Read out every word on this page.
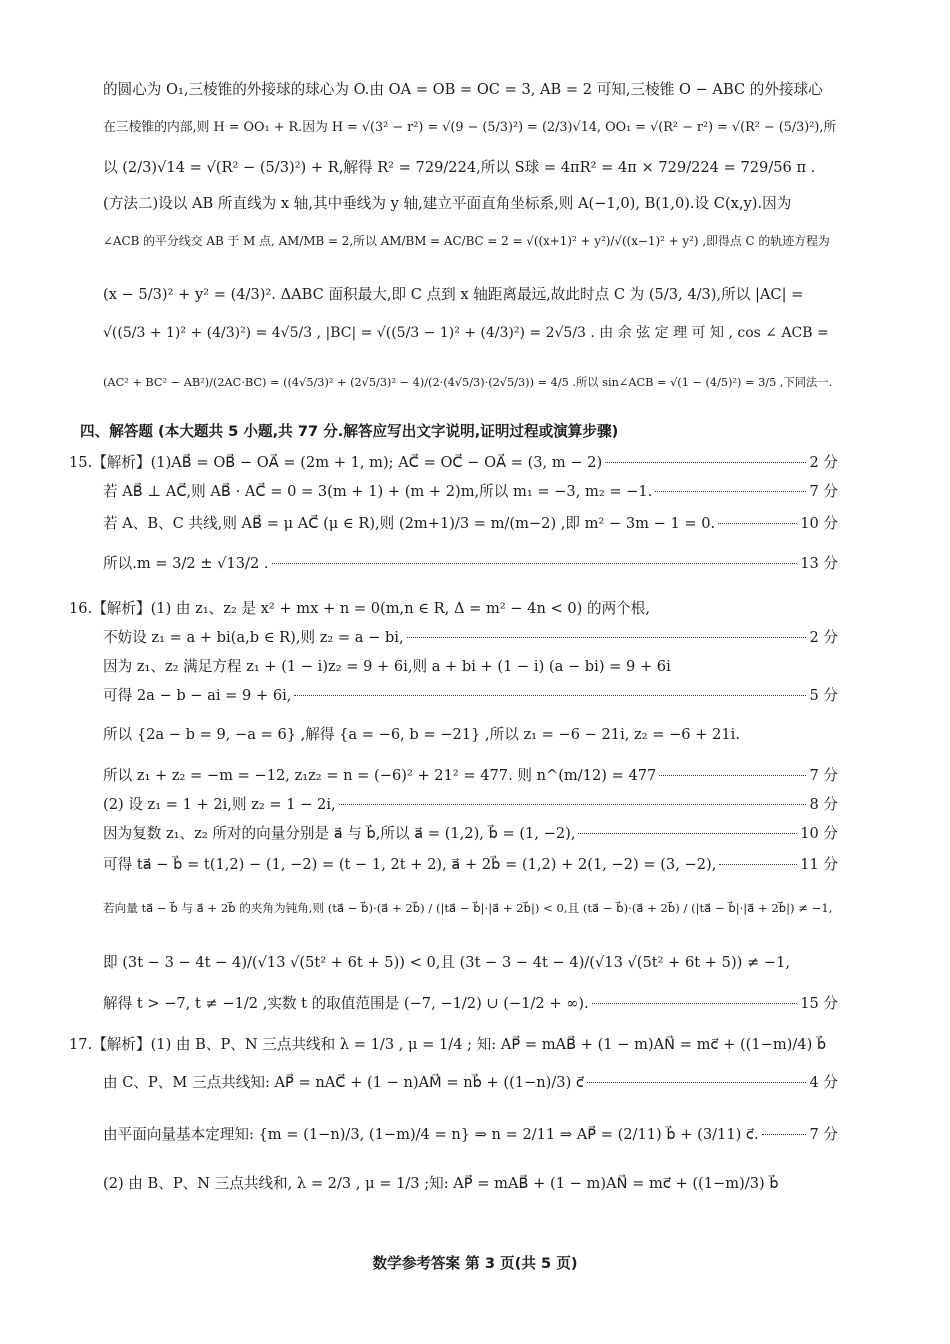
的圆心为 O₁,三棱锥的外接球的球心为 O.由 OA = OB = OC = 3, AB = 2 可知,三棱锥 O − ABC 的外接球心
在三棱锥的内部,则 H = OO₁ + R.因为 H = √(3² − r²) = √(9 − (5/3)²) = (2/3)√14, OO₁ = √(R² − r²) = √(R² − (5/3)²),所
以 (2/3)√14 = √(R² − (5/3)²) + R,解得 R² = 729/224,所以 S球 = 4πR² = 4π × 729/224 = 729/56 π .
(方法二)设以 AB 所直线为 x 轴,其中垂线为 y 轴,建立平面直角坐标系,则 A(−1,0), B(1,0).设 C(x,y).因为
∠ACB 的平分线交 AB 于 M 点, AM/MB = 2,所以 AM/BM = AC/BC = 2 = √((x+1)² + y²)/√((x−1)² + y²) ,即得点 C 的轨迹方程为
(x − 5/3)² + y² = (4/3)². ΔABC 面积最大,即 C 点到 x 轴距离最远,故此时点 C 为 (5/3, 4/3),所以 |AC| =
√((5/3 + 1)² + (4/3)²) = 4√5/3 , |BC| = √((5/3 − 1)² + (4/3)²) = 2√5/3 . 由 余 弦 定 理 可 知 , cos ∠ ACB =
(AC² + BC² − AB²)/(2AC·BC) = ((4√5/3)² + (2√5/3)² − 4)/(2·(4√5/3)·(2√5/3)) = 4/5 .所以 sin∠ACB = √(1 − (4/5)²) = 3/5 ,下同法一.
四、解答题 (本大题共 5 小题,共 77 分.解答应写出文字说明,证明过程或演算步骤)
15.【解析】(1)AB⃗ = OB⃗ − OA⃗ = (2m + 1, m); AC⃗ = OC⃗ − OA⃗ = (3, m − 2)	2 分
若 AB⃗ ⊥ AC⃗,则 AB⃗ · AC⃗ = 0 = 3(m + 1) + (m + 2)m,所以 m₁ = −3, m₂ = −1.	7 分
若 A、B、C 共线,则 AB⃗ = μ AC⃗ (μ ∈ R),则 (2m+1)/3 = m/(m−2) ,即 m² − 3m − 1 = 0.	10 分
所以.m = 3/2 ± √13/2 .	13 分
16.【解析】(1) 由 z₁、z₂ 是 x² + mx + n = 0(m,n ∈ R, Δ = m² − 4n < 0) 的两个根,
不妨设 z₁ = a + bi(a,b ∈ R),则 z₂ = a − bi,	2 分
因为 z₁、z₂ 满足方程 z₁ + (1 − i)z₂ = 9 + 6i,则 a + bi + (1 − i) (a − bi) = 9 + 6i
可得 2a − b − ai = 9 + 6i,	5 分
所以 {2a − b = 9, −a = 6} ,解得 {a = −6, b = −21} ,所以 z₁ = −6 − 21i, z₂ = −6 + 21i.
所以 z₁ + z₂ = −m = −12, z₁z₂ = n = (−6)² + 21² = 477. 则 n^(m/12) = 477	7 分
(2) 设 z₁ = 1 + 2i,则 z₂ = 1 − 2i,	8 分
因为复数 z₁、z₂ 所对的向量分别是 a⃗ 与 b⃗,所以 a⃗ = (1,2), b⃗ = (1, −2),	10 分
可得 ta⃗ − b⃗ = t(1,2) − (1, −2) = (t − 1, 2t + 2), a⃗ + 2b⃗ = (1,2) + 2(1, −2) = (3, −2),	11 分
若向量 ta⃗ − b⃗ 与 a⃗ + 2b⃗ 的夹角为钝角,则 (ta⃗ − b⃗)·(a⃗ + 2b⃗) / (|ta⃗ − b⃗|·|a⃗ + 2b⃗|) < 0,且 (ta⃗ − b⃗)·(a⃗ + 2b⃗) / (|ta⃗ − b⃗|·|a⃗ + 2b⃗|) ≠ −1,
即 (3t − 3 − 4t − 4)/(√13 √(5t² + 6t + 5)) < 0,且 (3t − 3 − 4t − 4)/(√13 √(5t² + 6t + 5)) ≠ −1,
解得 t > −7, t ≠ −1/2 ,实数 t 的取值范围是 (−7, −1/2) ∪ (−1/2 + ∞).	15 分
17.【解析】(1) 由 B、P、N 三点共线和 λ = 1/3 , μ = 1/4 ; 知: AP⃗ = mAB⃗ + (1 − m)AN⃗ = mc⃗ + ((1−m)/4) b⃗
由 C、P、M 三点共线知: AP⃗ = nAC⃗ + (1 − n)AM⃗ = nb⃗ + ((1−n)/3) c⃗	4 分
由平面向量基本定理知: {m = (1−n)/3, (1−m)/4 = n} ⇒ n = 2/11 ⇒ AP⃗ = (2/11) b⃗ + (3/11) c⃗.	7 分
(2) 由 B、P、N 三点共线和, λ = 2/3 , μ = 1/3 ;知: AP⃗ = mAB⃗ + (1 − m)AN⃗ = mc⃗ + ((1−m)/3) b⃗
数学参考答案 第 3 页(共 5 页)
